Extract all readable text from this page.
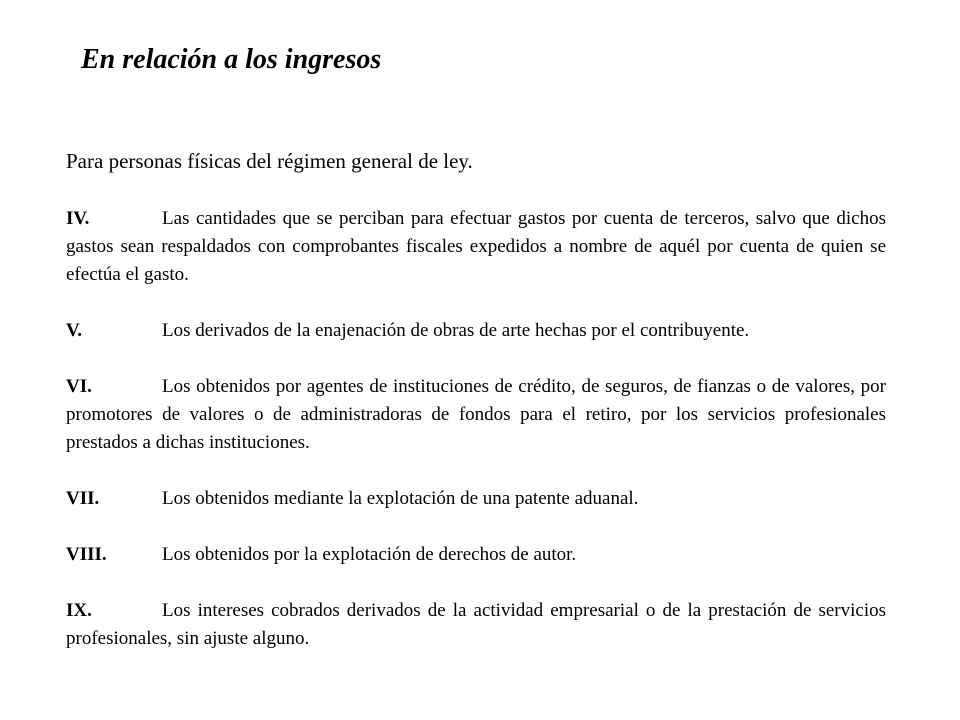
En relación a los ingresos

Para personas físicas del régimen general de ley.

IV.	Las cantidades que se perciban para efectuar gastos por cuenta de terceros, salvo que dichos gastos sean respaldados con comprobantes fiscales expedidos a nombre de aquél por cuenta de quien se efectúa el gasto.

V.	Los derivados de la enajenación de obras de arte hechas por el contribuyente.

VI.	Los obtenidos por agentes de instituciones de crédito, de seguros, de fianzas o de valores, por promotores de valores o de administradoras de fondos para el retiro, por los servicios profesionales prestados a dichas instituciones.

VII.	Los obtenidos mediante la explotación de una patente aduanal.

VIII.	Los obtenidos por la explotación de derechos de autor.

IX.	Los intereses cobrados derivados de la actividad empresarial o de la prestación de servicios profesionales, sin ajuste alguno.
